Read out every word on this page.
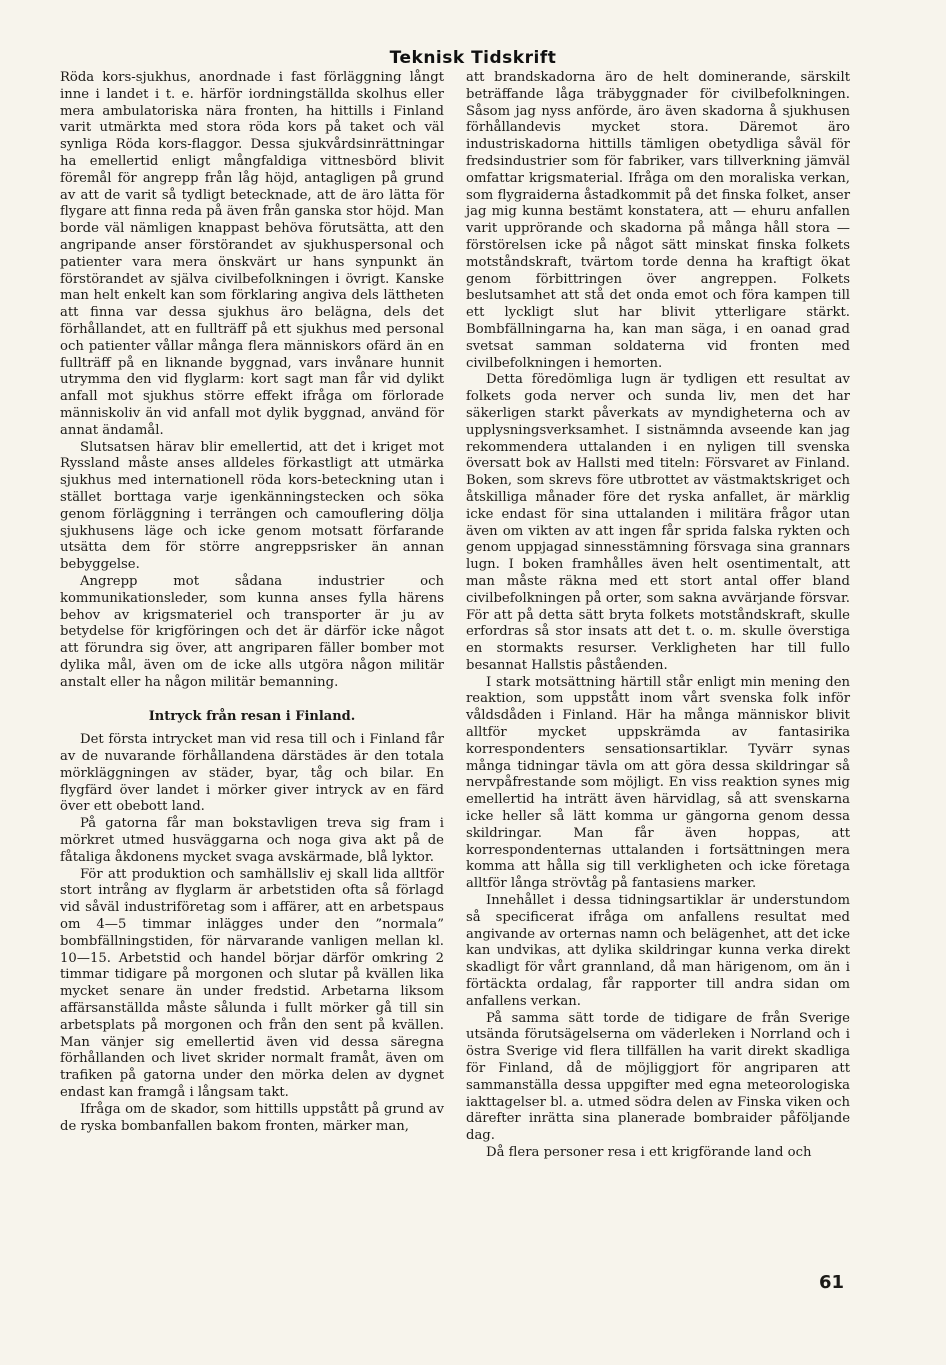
Teknisk Tidskrift

Röda kors-sjukhus, anordnade i fast förläggning långt inne i landet i t. e. härför iordningställda skolhus eller mera ambulatoriska nära fronten, ha hittills i Finland varit utmärkta med stora röda kors på taket och väl synliga Röda kors-flaggor. Dessa sjukvårdsinrättningar ha emellertid enligt mångfaldiga vittnesbörd blivit föremål för angrepp från låg höjd, antagligen på grund av att de varit så tydligt betecknade, att de äro lätta för flygare att finna reda på även från ganska stor höjd. Man borde väl nämligen knappast behöva förutsätta, att den angripande anser förstörandet av sjukhuspersonal och patienter vara mera önskvärt ur hans synpunkt än förstörandet av själva civilbefolkningen i övrigt. Kanske man helt enkelt kan som förklaring angiva dels lättheten att finna var dessa sjukhus äro belägna, dels det förhållandet, att en fullträff på ett sjukhus med personal och patienter vållar många flera människors ofärd än en fullträff på en liknande byggnad, vars invånare hunnit utrymma den vid flyglarm: kort sagt man får vid dylikt anfall mot sjukhus större effekt ifråga om förlorade människoliv än vid anfall mot dylik byggnad, använd för annat ändamål.

Slutsatsen härav blir emellertid, att det i kriget mot Ryssland måste anses alldeles förkastligt att utmärka sjukhus med internationell röda kors-beteckning utan i stället borttaga varje igenkänningstecken och söka genom förläggning i terrängen och camouflering dölja sjukhusens läge och icke genom motsatt förfarande utsätta dem för större angreppsrisker än annan bebyggelse.

Angrepp mot sådana industrier och kommunikationsleder, som kunna anses fylla härens behov av krigsmateriel och transporter är ju av betydelse för krigföringen och det är därför icke något att förundra sig över, att angriparen fäller bomber mot dylika mål, även om de icke alls utgöra någon militär anstalt eller ha någon militär bemanning.

Intryck från resan i Finland.

Det första intrycket man vid resa till och i Finland får av de nuvarande förhållandena därstädes är den totala mörkläggningen av städer, byar, tåg och bilar. En flygfärd över landet i mörker giver intryck av en färd över ett obebott land.

På gatorna får man bokstavligen treva sig fram i mörkret utmed husväggarna och noga giva akt på de fåtaliga åkdonens mycket svaga avskärmade, blå lyktor.

För att produktion och samhällsliv ej skall lida alltför stort intrång av flyglarm är arbetstiden ofta så förlagd vid såväl industriföretag som i affärer, att en arbetspaus om 4—5 timmar inlägges under den ”normala” bombfällningstiden, för närvarande vanligen mellan kl. 10—15. Arbetstid och handel börjar därför omkring 2 timmar tidigare på morgonen och slutar på kvällen lika mycket senare än under fredstid. Arbetarna liksom affärsanställda måste sålunda i fullt mörker gå till sin arbetsplats på morgonen och från den sent på kvällen. Man vänjer sig emellertid även vid dessa säregna förhållanden och livet skrider normalt framåt, även om trafiken på gatorna under den mörka delen av dygnet endast kan framgå i långsam takt.

Ifråga om de skador, som hittills uppstått på grund av de ryska bombanfallen bakom fronten, märker man,

att brandskadorna äro de helt dominerande, särskilt beträffande låga träbyggnader för civilbefolkningen. Såsom jag nyss anförde, äro även skadorna å sjukhusen förhållandevis mycket stora. Däremot äro industriskadorna hittills tämligen obetydliga såväl för fredsindustrier som för fabriker, vars tillverkning jämväl omfattar krigsmaterial. Ifråga om den moraliska verkan, som flygraiderna åstadkommit på det finska folket, anser jag mig kunna bestämt konstatera, att — ehuru anfallen varit upprörande och skadorna på många håll stora — förstörelsen icke på något sätt minskat finska folkets motståndskraft, tvärtom torde denna ha kraftigt ökat genom förbittringen över angreppen. Folkets beslutsamhet att stå det onda emot och föra kampen till ett lyckligt slut har blivit ytterligare stärkt. Bombfällningarna ha, kan man säga, i en oanad grad svetsat samman soldaterna vid fronten med civilbefolkningen i hemorten.

Detta föredömliga lugn är tydligen ett resultat av folkets goda nerver och sunda liv, men det har säkerligen starkt påverkats av myndigheterna och av upplysningsverksamhet. I sistnämnda avseende kan jag rekommendera uttalanden i en nyligen till svenska översatt bok av Hallsti med titeln: Försvaret av Finland. Boken, som skrevs före utbrottet av västmaktskriget och åtskilliga månader före det ryska anfallet, är märklig icke endast för sina uttalanden i militära frågor utan även om vikten av att ingen får sprida falska rykten och genom uppjagad sinnesstämning försvaga sina grannars lugn. I boken framhålles även helt osentimentalt, att man måste räkna med ett stort antal offer bland civilbefolkningen på orter, som sakna avvärjande försvar. För att på detta sätt bryta folkets motståndskraft, skulle erfordras så stor insats att det t. o. m. skulle överstiga en stormakts resurser. Verkligheten har till fullo besannat Hallstis påståenden.

I stark motsättning härtill står enligt min mening den reaktion, som uppstått inom vårt svenska folk inför våldsdåden i Finland. Här ha många människor blivit alltför mycket uppskrämda av fantasirika korrespondenters sensationsartiklar. Tyvärr synas många tidningar tävla om att göra dessa skildringar så nervpåfrestande som möjligt. En viss reaktion synes mig emellertid ha inträtt även härvidlag, så att svenskarna icke heller så lätt komma ur gängorna genom dessa skildringar. Man får även hoppas, att korrespondenternas uttalanden i fortsättningen mera komma att hålla sig till verkligheten och icke företaga alltför långa strövtåg på fantasiens marker.

Innehållet i dessa tidningsartiklar är understundom så specificerat ifråga om anfallens resultat med angivande av orternas namn och belägenhet, att det icke kan undvikas, att dylika skildringar kunna verka direkt skadligt för vårt grannland, då man härigenom, om än i förtäckta ordalag, får rapporter till andra sidan om anfallens verkan.

På samma sätt torde de tidigare de från Sverige utsända förutsägelserna om väderleken i Norrland och i östra Sverige vid flera tillfällen ha varit direkt skadliga för Finland, då de möjliggjort för angriparen att sammanställa dessa uppgifter med egna meteorologiska iakttagelser bl. a. utmed södra delen av Finska viken och därefter inrätta sina planerade bombraider påföljande dag.

Då flera personer resa i ett krigförande land och

61
